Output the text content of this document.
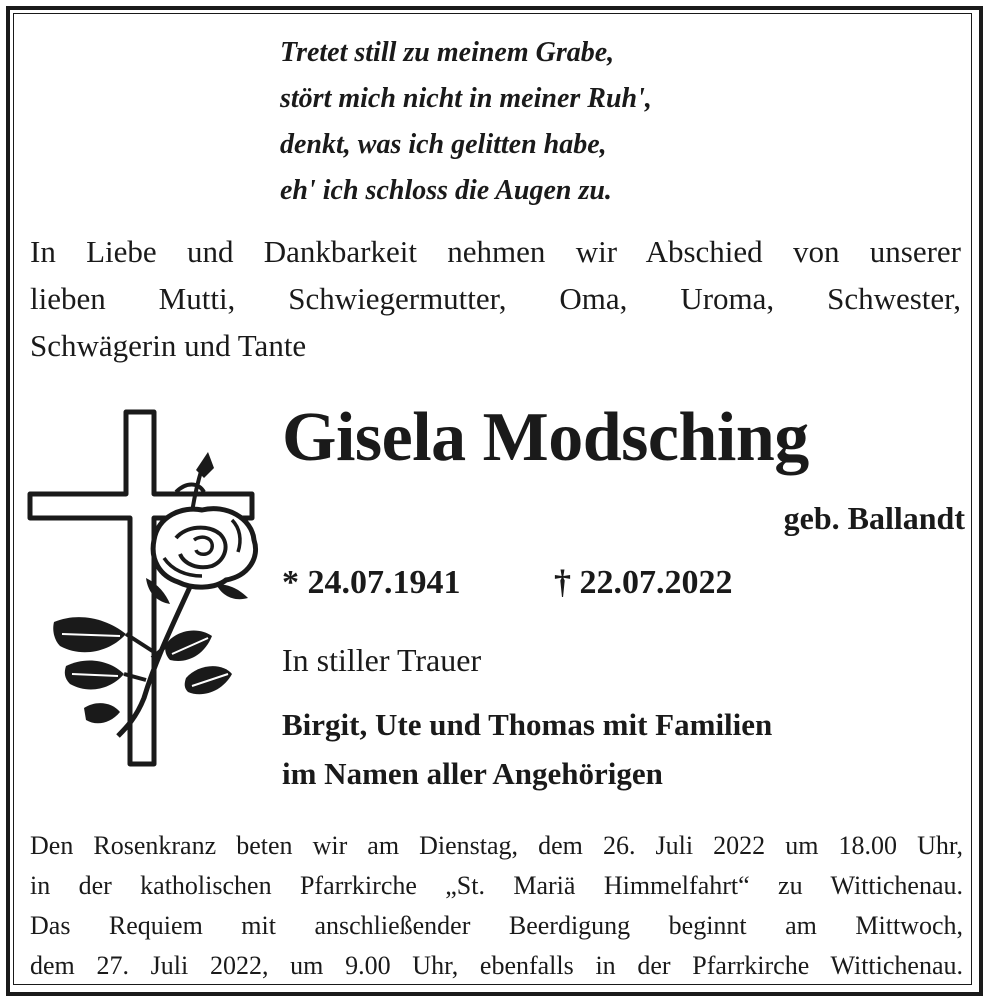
Tretet still zu meinem Grabe,
stört mich nicht in meiner Ruh',
denkt, was ich gelitten habe,
eh' ich schloss die Augen zu.
In Liebe und Dankbarkeit nehmen wir Abschied von unserer
lieben Mutti, Schwiegermutter, Oma, Uroma, Schwester,
Schwägerin und Tante
Gisela Modsching
geb. Ballandt
* 24.07.1941	† 22.07.2022
In stiller Trauer
Birgit, Ute und Thomas mit Familien
im Namen aller Angehörigen
Den Rosenkranz beten wir am Dienstag, dem 26. Juli 2022 um 18.00 Uhr,
in der katholischen Pfarrkirche „St. Mariä Himmelfahrt“ zu Wittichenau.
Das Requiem mit anschließender Beerdigung beginnt am Mittwoch,
dem 27. Juli 2022, um 9.00 Uhr, ebenfalls in der Pfarrkirche Wittichenau.
